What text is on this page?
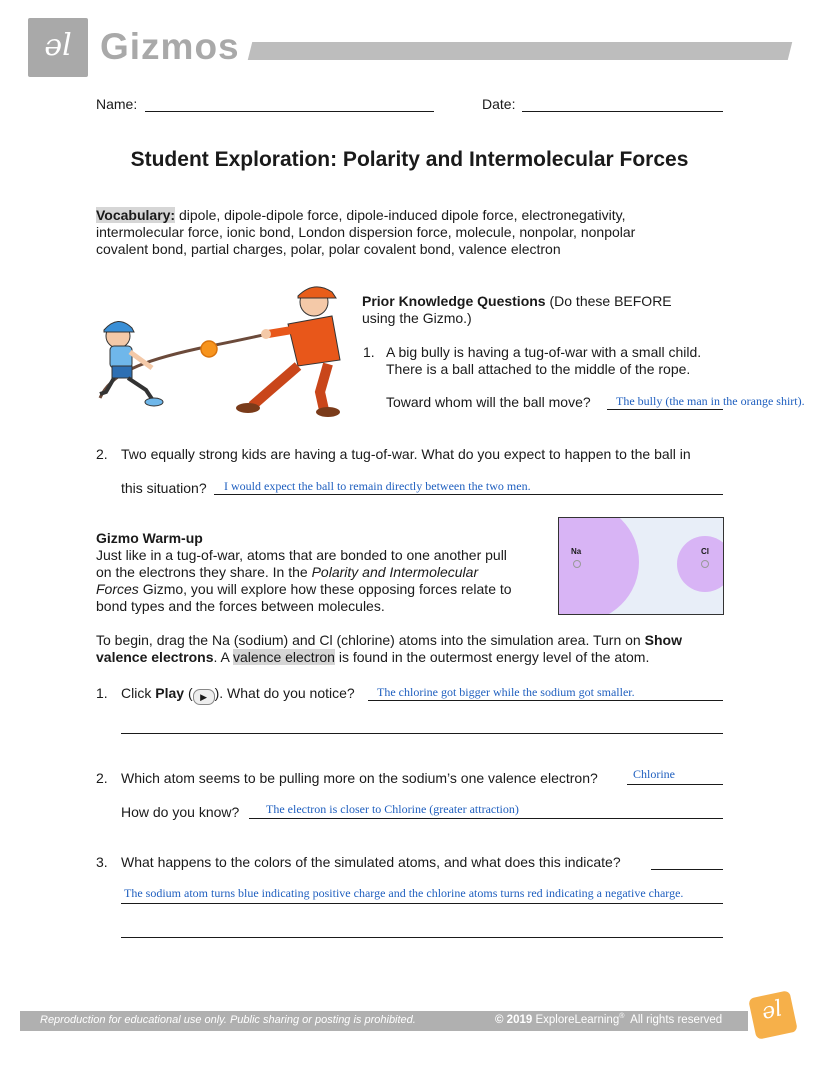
əl Gizmos
Name:	Date:
Student Exploration: Polarity and Intermolecular Forces
Vocabulary: dipole, dipole-dipole force, dipole-induced dipole force, electronegativity,
intermolecular force, ionic bond, London dispersion force, molecule, nonpolar, nonpolar
covalent bond, partial charges, polar, polar covalent bond, valence electron
Prior Knowledge Questions (Do these BEFORE
using the Gizmo.)
1. A big bully is having a tug-of-war with a small child.
There is a ball attached to the middle of the rope.
Toward whom will the ball move? The bully (the man in the orange shirt).
2. Two equally strong kids are having a tug-of-war. What do you expect to happen to the ball in
this situation? I would expect the ball to remain directly between the two men.
Gizmo Warm-up
Just like in a tug-of-war, atoms that are bonded to one another pull
on the electrons they share. In the Polarity and Intermolecular
Forces Gizmo, you will explore how these opposing forces relate to
bond types and the forces between molecules.
Na	Cl
To begin, drag the Na (sodium) and Cl (chlorine) atoms into the simulation area. Turn on Show
valence electrons. A valence electron is found in the outermost energy level of the atom.
1. Click Play ( ▶ ). What do you notice? The chlorine got bigger while the sodium got smaller.
2. Which atom seems to be pulling more on the sodium’s one valence electron?	Chlorine
How do you know? The electron is closer to Chlorine (greater attraction)
3. What happens to the colors of the simulated atoms, and what does this indicate?
The sodium atom turns blue indicating positive charge and the chlorine atoms turns red indicating a negative charge.
Reproduction for educational use only. Public sharing or posting is prohibited.	© 2019 ExploreLearning® All rights reserved	əl
